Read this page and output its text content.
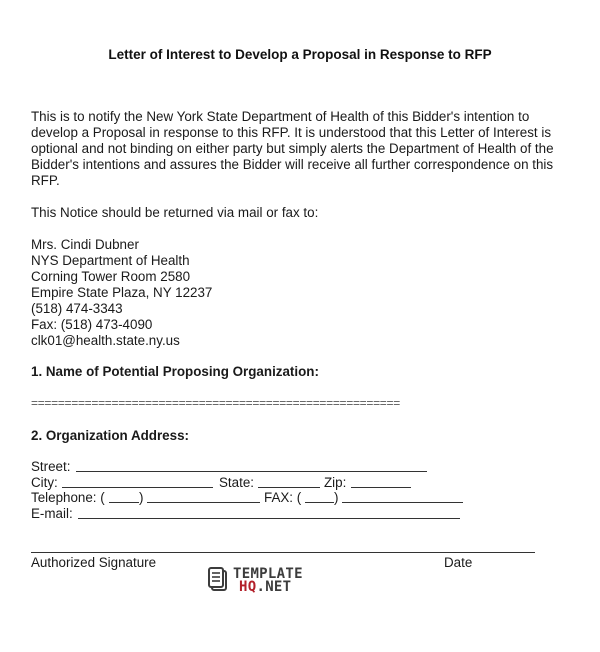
Letter of Interest to Develop a Proposal in Response to RFP
This is to notify the New York State Department of Health of this Bidder's intention to develop a Proposal in response to this RFP. It is understood that this Letter of Interest is optional and not binding on either party but simply alerts the Department of Health of the Bidder's intentions and assures the Bidder will receive all further correspondence on this RFP.
This Notice should be returned via mail or fax to:
Mrs. Cindi Dubner
NYS Department of Health
Corning Tower Room 2580
Empire State Plaza, NY 12237
(518) 474-3343
Fax: (518) 473-4090
clk01@health.state.ny.us
1. Name of Potential Proposing Organization:
=======================================================
2. Organization Address:
Street:
City:	State:	Zip:
Telephone: (	)	FAX: ( )
E-mail:
Authorized Signature	Date
TEMPLATE
HQ.NET
